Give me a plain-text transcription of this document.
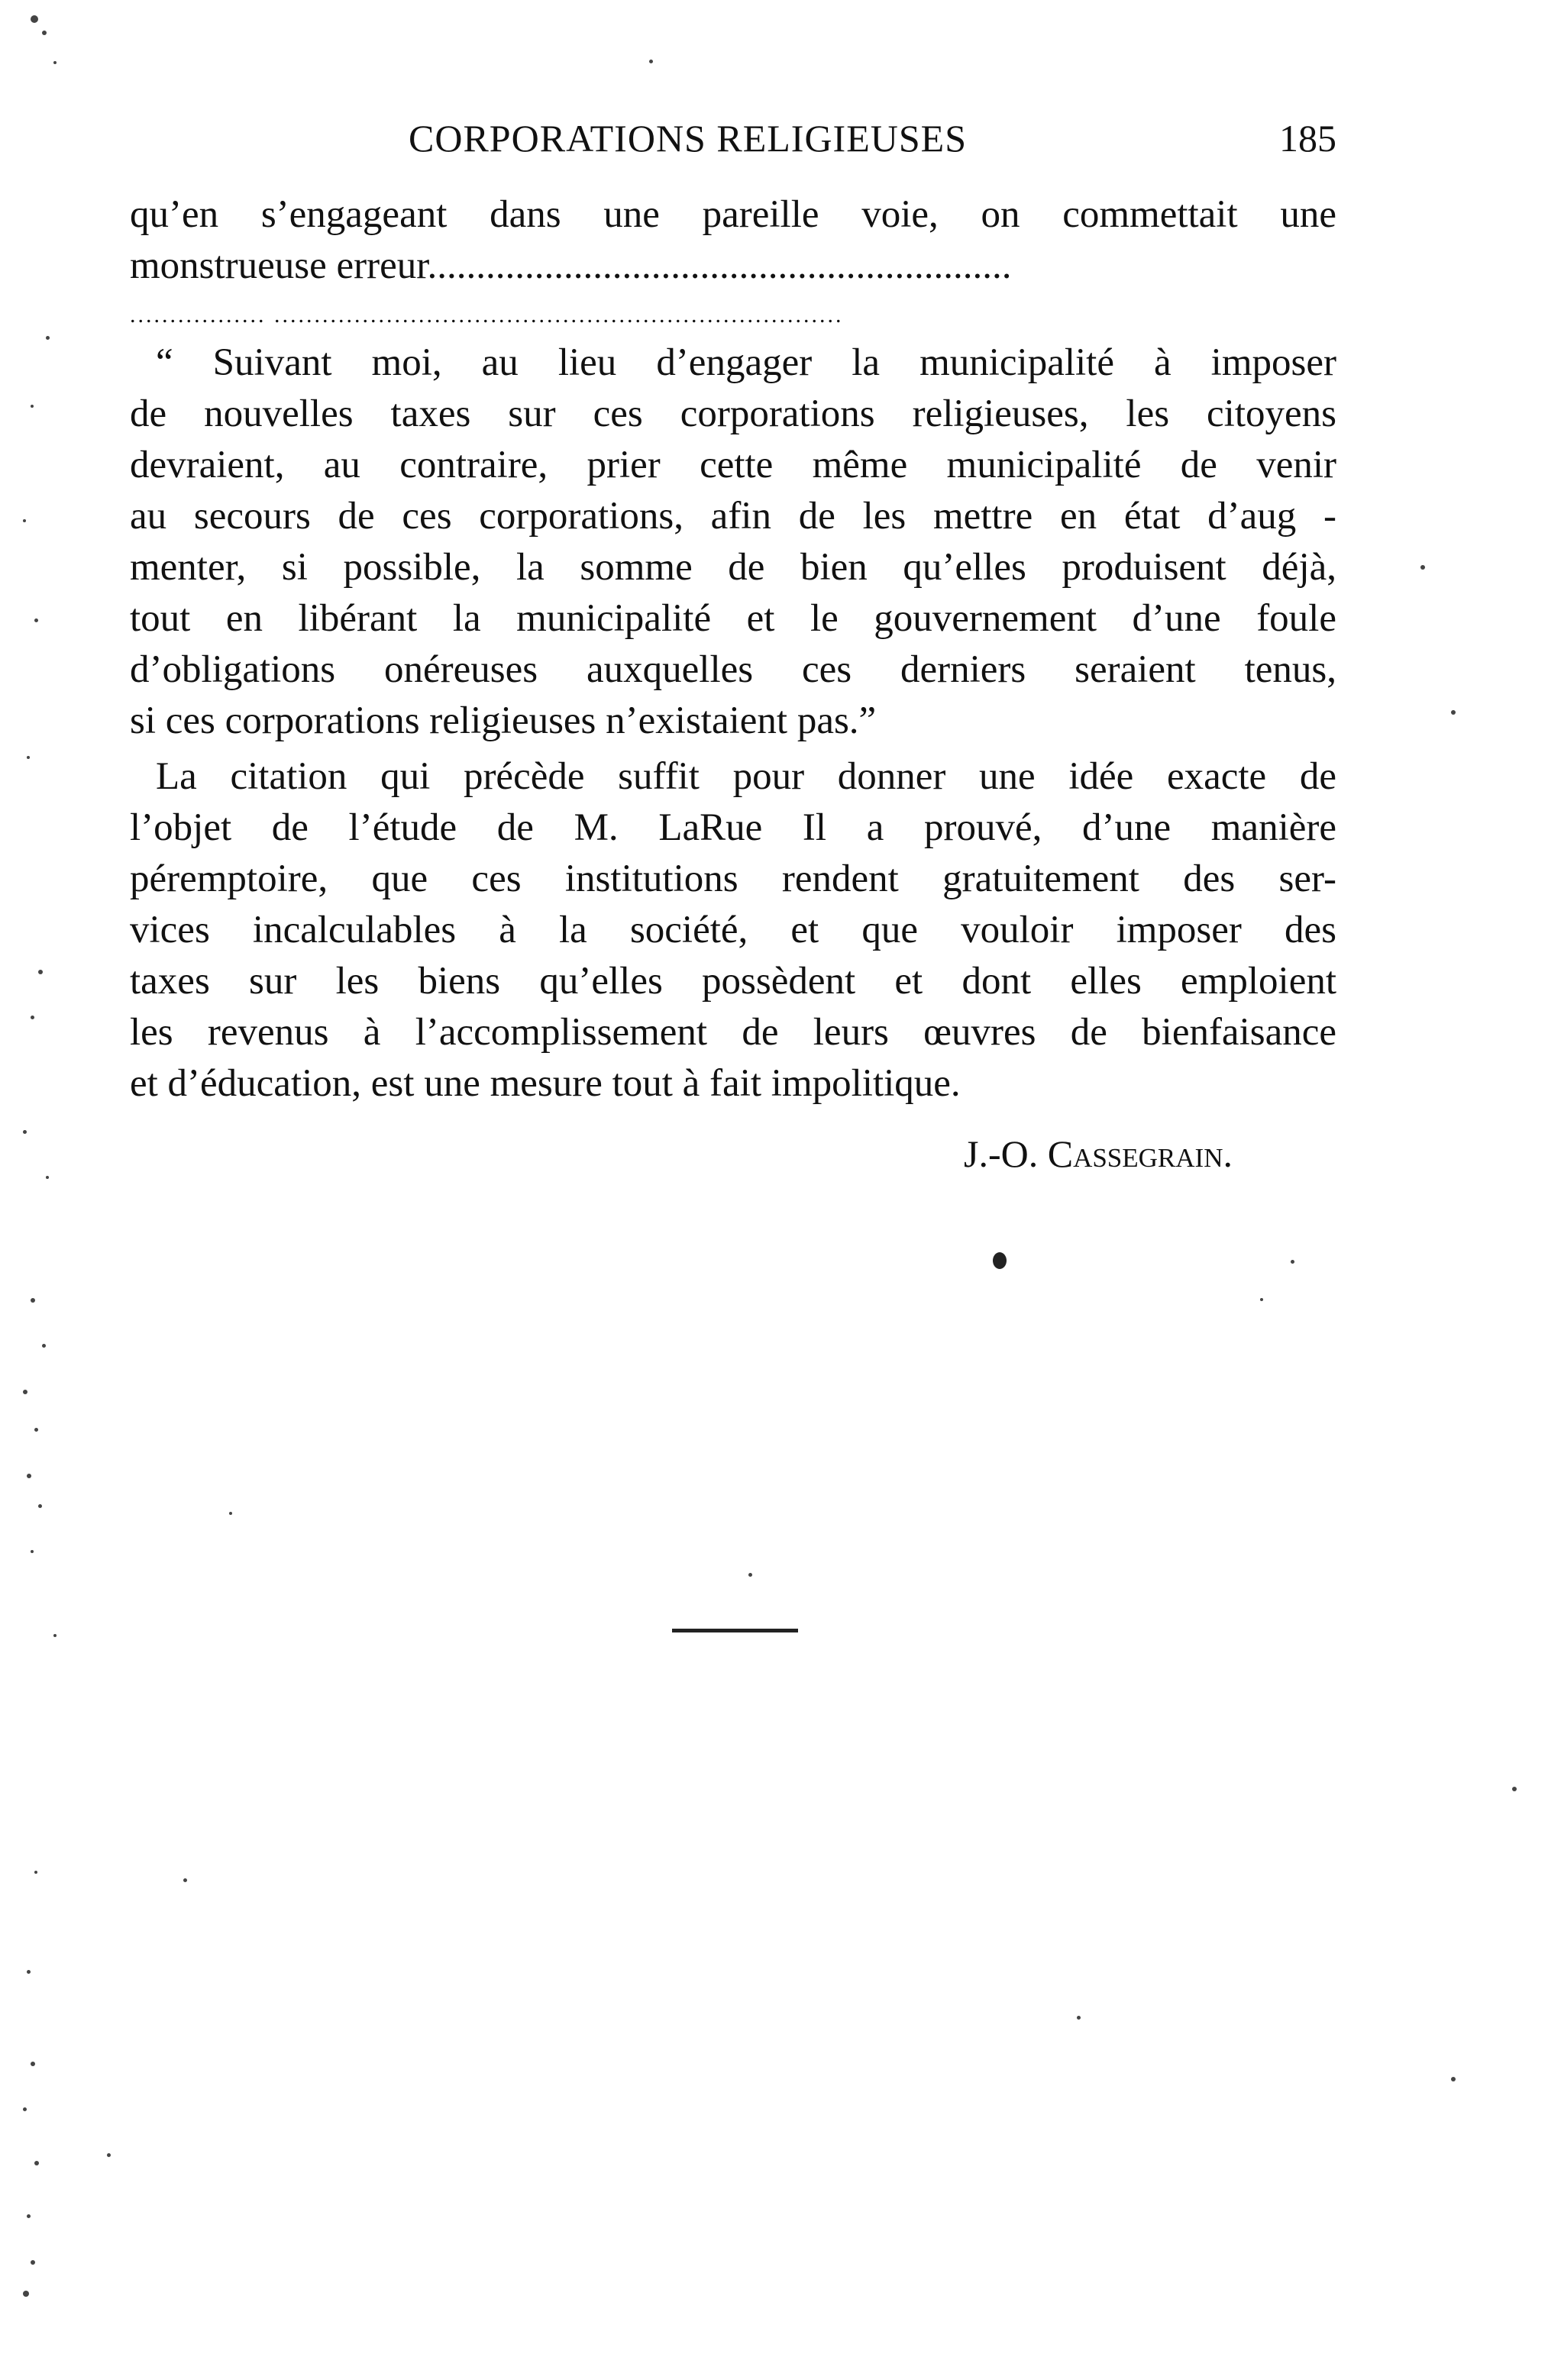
CORPORATIONS RELIGIEUSES	185
qu’en s’engageant dans une pareille voie, on commettait une
monstrueuse erreur............................................................
................. .......................................................................
“ Suivant moi, au lieu d’engager la municipalité à imposer
de nouvelles taxes sur ces corporations religieuses, les citoyens
devraient, au contraire, prier cette même municipalité de venir
au secours de ces corporations, afin de les mettre en état d’aug -
menter, si possible, la somme de bien qu’elles produisent déjà,
tout en libérant la municipalité et le gouvernement d’une foule
d’obligations onéreuses auxquelles ces derniers seraient tenus,
si ces corporations religieuses n’existaient pas.”
La citation qui précède suffit pour donner une idée exacte de
l’objet de l’étude de M. LaRue Il a prouvé, d’une manière
péremptoire, que ces institutions rendent gratuitement des ser-
vices incalculables à la société, et que vouloir imposer des
taxes sur les biens qu’elles possèdent et dont elles emploient
les revenus à l’accomplissement de leurs œuvres de bienfaisance
et d’éducation, est une mesure tout à fait impolitique.
J.-O. Cassegrain.
